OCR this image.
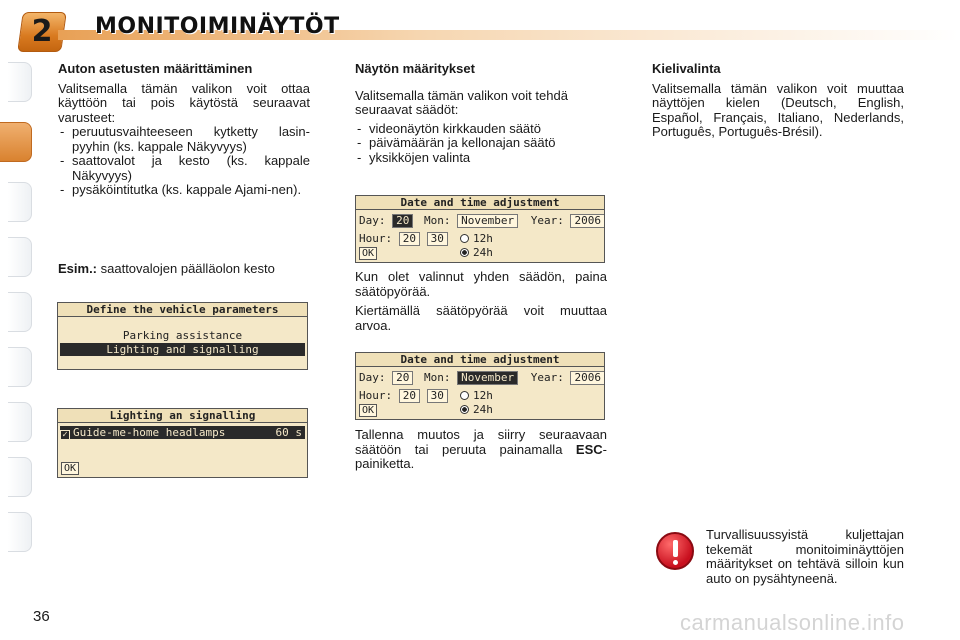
2	MONITOIMINÄYTÖT
Auton asetusten määrittäminen

Valitsemalla tämän valikon voit ottaa käyttöön tai pois käytöstä seuraavat varusteet:

- peruutusvaihteeseen kytketty lasin-pyyhin (ks. kappale Näkyvyys)
- saattovalot ja kesto (ks. kappale Näkyvyys)
- pysäköintitutka (ks. kappale Ajami-nen).
Esim.: saattovalojen päälläolon kesto
Define the vehicle parameters
Parking assistance
Lighting and signalling
Lighting an signalling
✓ Guide-me-home headlamps	60 s
OK
Näytön määritykset

Valitsemalla tämän valikon voit tehdä seuraavat säädöt:

- videonäytön kirkkauden säätö
- päivämäärän ja kellonajan säätö
- yksikköjen valinta
Date and time adjustment
Day: 20 Mon: November Year: 2006
Hour: 20 30	12h
24h
OK

Kun olet valinnut yhden säädön, paina säätöpyörää.

Kiertämällä säätöpyörää voit muuttaa arvoa.

Date and time adjustment
Day: 20 Mon: November Year: 2006
Hour: 20 30	12h
24h
OK

Tallenna muutos ja siirry seuraavaan säätöön tai peruuta painamalla ESC-painiketta.

Kielivalinta

Valitsemalla tämän valikon voit muuttaa näyttöjen kielen (Deutsch, English, Español, Français, Italiano, Nederlands, Português, Português-Brésil).

Turvallisuussyistä kuljettajan tekemät monitoiminäyttöjen määritykset on tehtävä silloin kun auto on pysähtyneenä.
36	carmanualsonline.info
